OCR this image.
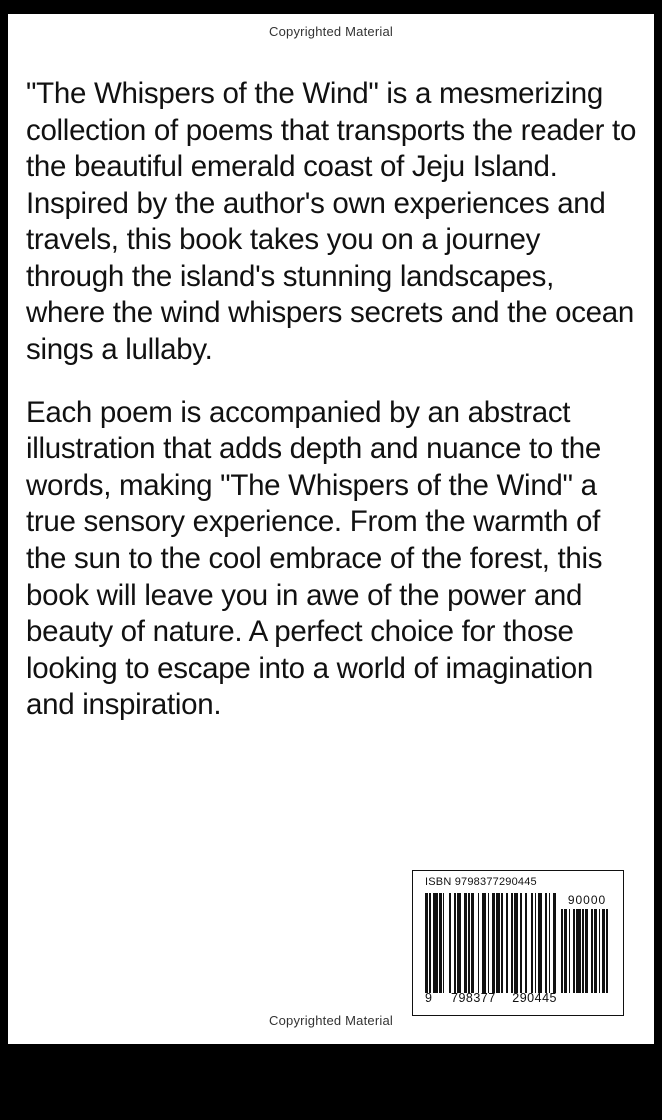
Copyrighted Material

"The Whispers of the Wind" is a mesmerizing collection of poems that transports the reader to the beautiful emerald coast of Jeju Island. Inspired by the author's own experiences and travels, this book takes you on a journey through the island's stunning landscapes, where the wind whispers secrets and the ocean sings a lullaby.

Each poem is accompanied by an abstract illustration that adds depth and nuance to the words, making "The Whispers of the Wind" a true sensory experience. From the warmth of the sun to the cool embrace of the forest, this book will leave you in awe of the power and beauty of nature. A perfect choice for those looking to escape into a world of imagination and inspiration.

ISBN 9798377290445
9 798377 290445
90000
Copyrighted Material
